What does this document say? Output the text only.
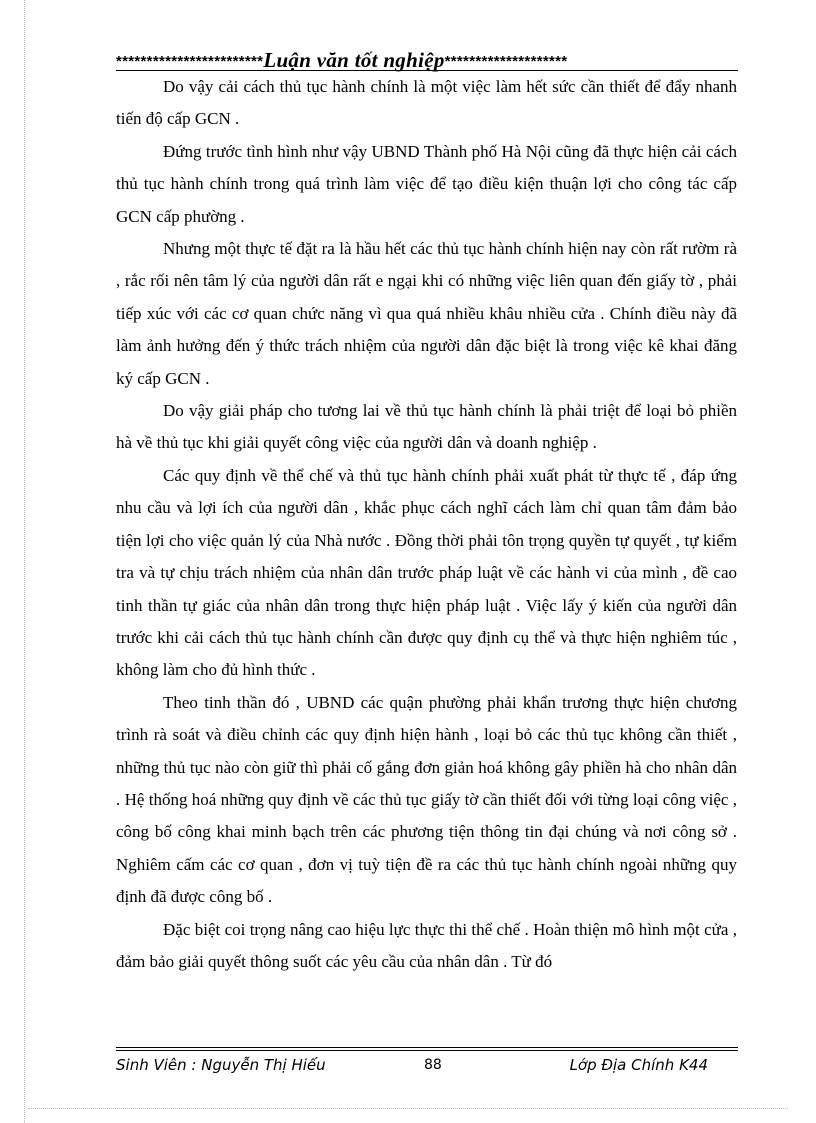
************************Luận văn tốt nghiệp********************

Do vậy cải cách thủ tục hành chính là một việc làm hết sức cần thiết để đẩy nhanh tiến độ cấp GCN .

Đứng trước tình hình như vậy UBND Thành phố Hà Nội cũng đã thực hiện cải cách thủ tục hành chính trong quá trình làm việc để tạo điều kiện thuận lợi cho công tác cấp GCN cấp phường .

Nhưng một thực tế đặt ra là hầu hết các thủ tục hành chính hiện nay còn rất rườm rà , rắc rối nên tâm lý của người dân rất e ngại khi có những việc liên quan đến giấy tờ , phải tiếp xúc với các cơ quan chức năng vì qua quá nhiều khâu nhiều cửa . Chính điều này đã làm ảnh hưởng đến ý thức trách nhiệm của người dân đặc biệt là trong việc kê khai đăng ký cấp GCN .

Do vậy giải pháp cho tương lai về thủ tục hành chính là phải triệt để loại bỏ phiền hà về thủ tục khi giải quyết công việc của người dân và doanh nghiệp .

Các quy định về thể chế và thủ tục hành chính phải xuất phát từ thực tế , đáp ứng nhu cầu và lợi ích của người dân , khắc phục cách nghĩ cách làm chỉ quan tâm đảm bảo tiện lợi cho việc quản lý của Nhà nước . Đồng thời phải tôn trọng quyền tự quyết , tự kiểm tra và tự chịu trách nhiệm của nhân dân trước pháp luật về các hành vi của mình , đề cao tinh thần tự giác của nhân dân trong thực hiện pháp luật . Việc lấy ý kiến của người dân trước khi cải cách thủ tục hành chính cần được quy định cụ thể và thực hiện nghiêm túc , không làm cho đủ hình thức .

Theo tinh thần đó , UBND các quận phường phải khẩn trương thực hiện chương trình rà soát và điều chỉnh các quy định hiện hành , loại bỏ các thủ tục không cần thiết , những thủ tục nào còn giữ thì phải cố gắng đơn giản hoá không gây phiền hà cho nhân dân . Hệ thống hoá những quy định về các thủ tục giấy tờ cần thiết đối với từng loại công việc , công bố công khai minh bạch trên các phương tiện thông tin đại chúng và nơi công sở . Nghiêm cấm các cơ quan , đơn vị tuỳ tiện đề ra các thủ tục hành chính ngoài những quy định đã được công bố .

Đặc biệt coi trọng nâng cao hiệu lực thực thi thể chế . Hoàn thiện mô hình một cửa , đảm bảo giải quyết thông suốt các yêu cầu của nhân dân . Từ đó

Sinh Viên : Nguyễn Thị Hiếu	88	Lớp Địa Chính K44
